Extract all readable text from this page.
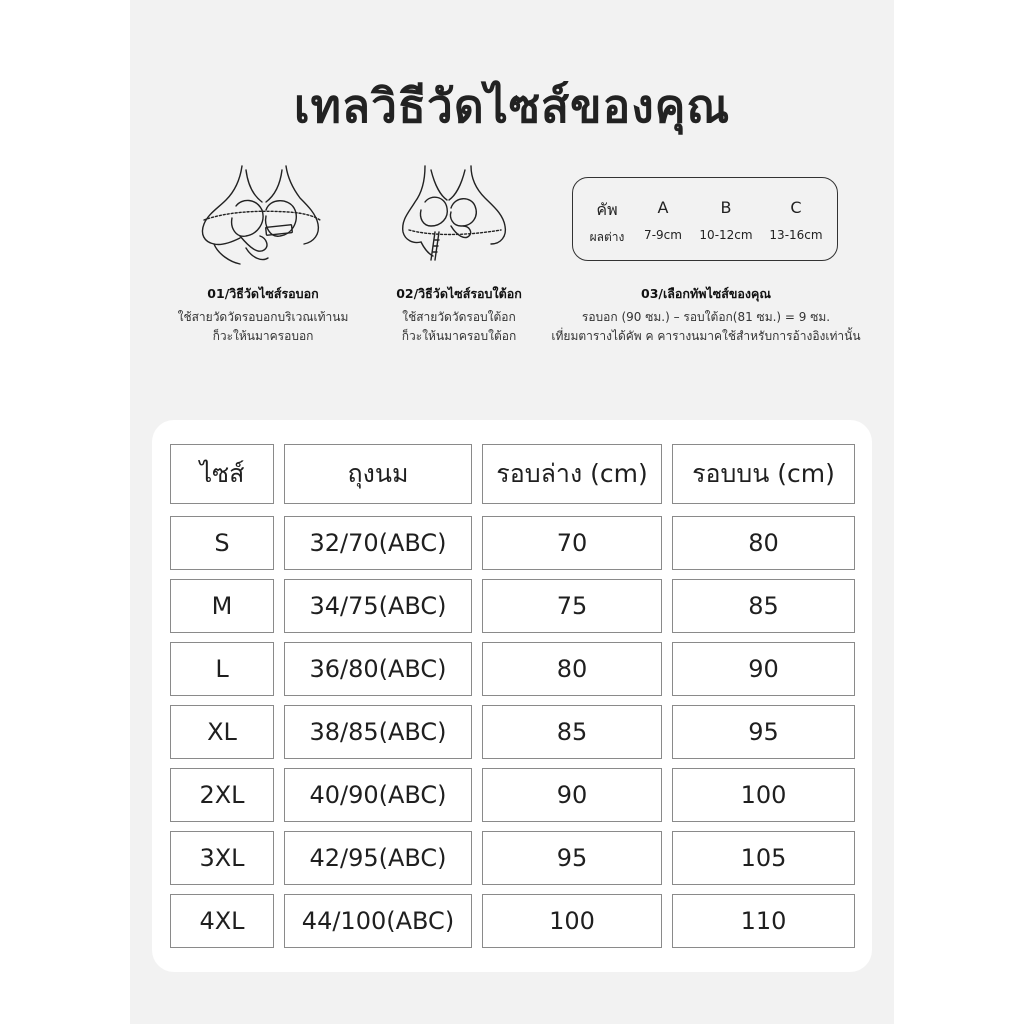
เทลวิธีวัดไซส์ของคุณ
คัพ A	B	C
ผลต่าง 7-9cm 10-12cm 13-16cm
01/วิธีวัดไซส์รอบอก
ใช้สายวัดวัดรอบอกบริเวณเท้านม
ก็วะให้นมาครอบอก
02/วิธีวัดไซส์รอบใต้อก
ใช้สายวัดวัดรอบใต้อก
ก็วะให้นมาครอบใต้อก
03/เลือกทัพไซส์ของคุณ
รอบอก (90 ซม.) – รอบใต้อก(81 ซม.) = 9 ซม.
เที่ยมตารางได้คัพ ค คารางนมาคใช้สำหรับการอ้างอิงเท่านั้น
ไซส์	ถุงนม	รอบล่าง (cm)	รอบบน (cm)
S	32/70(ABC)	70	80
M	34/75(ABC)	75	85
L	36/80(ABC)	80	90
XL	38/85(ABC)	85	95
2XL	40/90(ABC)	90	100
3XL	42/95(ABC)	95	105
4XL	44/100(ABC)	100	110
